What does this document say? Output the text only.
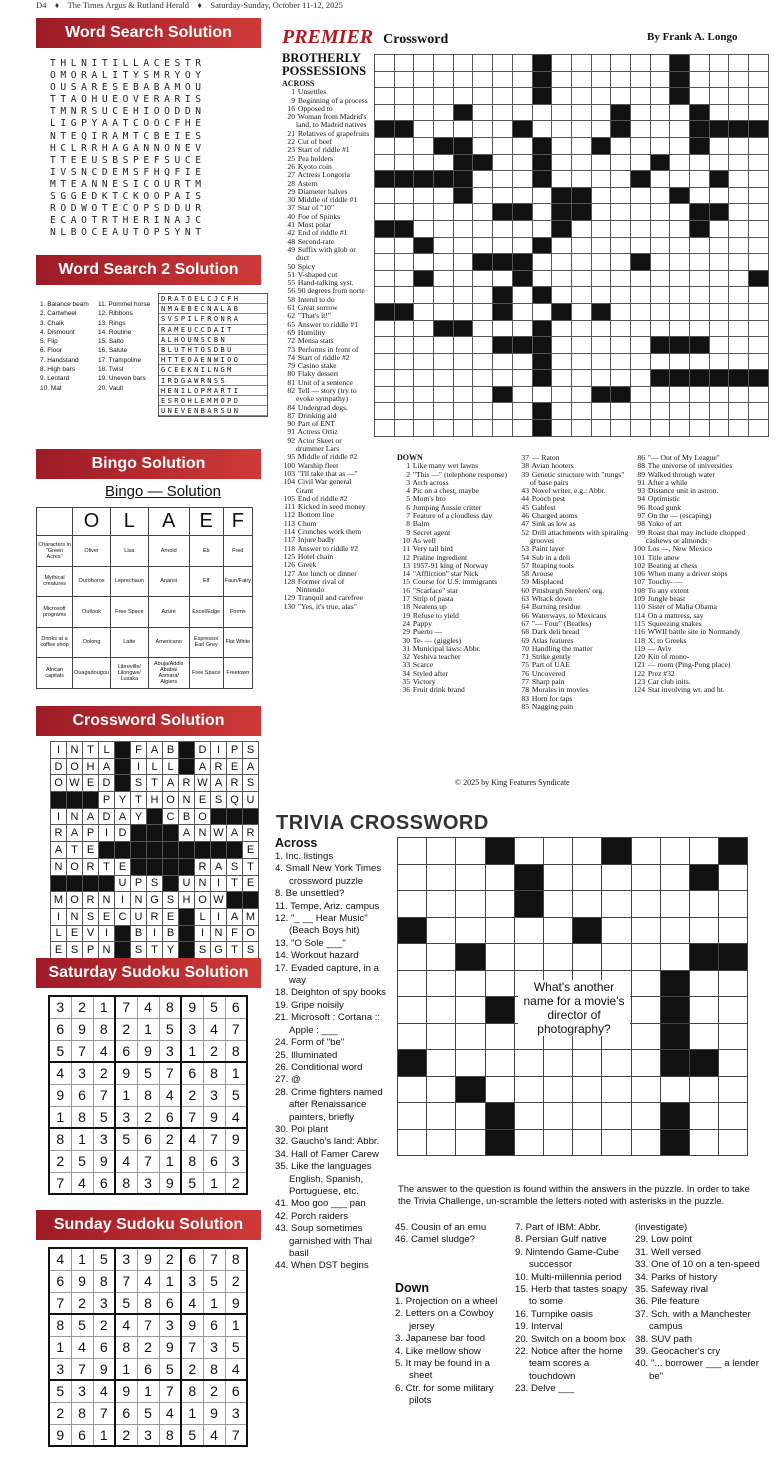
D4 ♦ The Times Argus & Rutland Herald ♦ Saturday-Sunday, October 11-12, 2025
Word Search Solution
THLNITILLACESTR
OMORALITYSMRYOY
OUSARESEBABAMOU
TTAOHUEOVERARIS
TMNRSUCEHIOODDN
LIGPYAATCOOCFHE
NTEQIRAMTCBEIES
HCLRRHAGANNONEV
TTEEUSBSPEFSUCE
IVSNCDEMSFHQFIE
MTEANNESICOURTM
SGGEDKTCKOOPAIS
RODWOTECOPSDDUR
ECAOTRTHERINAJC
NLBOCEAUTOPSYNT
Word Search 2 Solution
1. Balance beam
2. Cartwheel
3. Chalk
4. Dismount
5. Flip
6. Floor
7. Handstand
8. High bars
9. Leotard
10. Mat
11. Pommel horse
12. Ribbons
13. Rings
14. Routine
15. Salto
16. Salute
17. Trampoline
18. Twist
19. Uneven bars
20. Vault
DRATOELCJCFH
NMAEBECNALAB
SVSPILFRONRA
RAMEUCCDAIT
ALHOUNSCBN
BLUTHTOSDBU
HTTEOAENWIOO
GCEEKNILNGM
IRDGAWRNSS
HENILOPMARTI
ESROHLEMMOPD
UNEVENBARSUN
Bingo Solution
Bingo — Solution
	O	L	A	E	F
Characters in "Green Acres"	Oliver	Lisa	Arnold	Eb	Fred
Mythical creatures	Ouroboros	Leprechaun	Anansi	Elf	Faun/Fairy
Microsoft programs	Outlook	Free Space	Azure	Excel/Edge	Forms
Drinks at a coffee shop	Oolong	Latte	Americano	Espresso/ Earl Grey	Flat White
African capitals	Ouagadougou	Libreville/ Lilongwe/ Lusaka	Abuja/Addis Ababa/ Asmara/ Algiers	Free Space	Freetown
Crossword Solution
I	N	T	L		F	A	B		D	I	P	S
D	O	H	A		I	L	L		A	R	E	A
O	W	E	D		S	T	A	R	W	A	R	S
			P	Y	T	H	O	N	E	S	Q	U
I	N	A	D	A	Y		C	B	O			
R	A	P	I	D				A	N	W	A	R
A	T	E										E
N	O	R	T	E					R	A	S	T
				U	P	S		U	N	I	T	E
M	O	R	N	I	N	G	S	H	O	W		
I	N	S	E	C	U	R	E		L	I	A	M
L	E	V	I		B	I	B		I	N	F	O
E	S	P	N		S	T	Y		S	G	T	S
Saturday Sudoku Solution
3	2	1	7	4	8	9	5	6
6	9	8	2	1	5	3	4	7
5	7	4	6	9	3	1	2	8
4	3	2	9	5	7	6	8	1
9	6	7	1	8	4	2	3	5
1	8	5	3	2	6	7	9	4
8	1	3	5	6	2	4	7	9
2	5	9	4	7	1	8	6	3
7	4	6	8	3	9	5	1	2
Sunday Sudoku Solution
4	1	5	3	9	2	6	7	8
6	9	8	7	4	1	3	5	2
7	2	3	5	8	6	4	1	9
8	5	2	4	7	3	9	6	1
1	4	6	8	2	9	7	3	5
3	7	9	1	6	5	2	8	4
5	3	4	9	1	7	8	2	6
2	8	7	6	5	4	1	9	3
9	6	1	2	3	8	5	4	7
PREMIER Crossword	By Frank A. Longo
BROTHERLY POSSESSIONS

ACROSS
1 Unsettles
9 Beginning of a process
16 Opposed to
20 Woman from Madrid's land, to Madrid natives
21 Relatives of grapefruits
22 Cut of beef
23 Start of riddle #1
25 Pea holders
26 Kyoto coin
27 Actress Longoria
28 Astern
29 Diameter halves
30 Middle of riddle #1
37 Star of "10"
40 Foe of Spinks
41 Most polar
42 End of riddle #1
48 Second-rate
49 Suffix with glob or duct
50 Spicy
51 V-shaped cut
55 Hand-talking syst.
56 90 degrees from norte
58 Intend to do
61 Great sorrow
62 "That's it!"
65 Answer to riddle #1
69 Humility
72 Mensa stats
73 Performs in front of
74 Start of riddle #2
79 Casino stake
80 Flaky dessert
81 Unit of a sentence
82 Tell — story (try to evoke sympathy)
84 Undergrad degs.
87 Drinking aid
90 Part of ENT
91 Actress Ortiz
92 Actor Skeet or drummer Lars
95 Middle of riddle #2
100 Warship fleet
103 "I'll take that as —"
104 Civil War general Grant
105 End of riddle #2
111 Kicked in seed money
112 Bottom line
113 Chum
114 Crunches work them
117 Injure badly
118 Answer to riddle #2
125 Hotel chain
126 Greek
127 Ate lunch or dinner
128 Former rival of Nintendo
129 Tranquil and carefree
130 "Yes, it's true, alas"
DOWN
1 Like many wet lawns
2 "This —" (telephone response)
3 Arch across
4 Pic on a chest, maybe
5 Mom's bro
6 Jumping Aussie critter
7 Feature of a cloudless day
8 Balm
9 Secret agent
10 As well
11 Very tall bird
12 Praline ingredient
13 1957-91 king of Norway
14 "Affliction" star Nick
15 Course for U.S. immigrants
16 "Scarface" star
17 Strip of pasta
18 Neatens up
19 Refuse to yield
24 Pappy
29 Puerto —
30 Te- — (giggles)
31 Municipal laws: Abbr.
32 Yeshiva teacher
33 Scarce
34 Styled after
35 Victory
36 Fruit drink brand
37 — Raton
38 Avian hooters
39 Genetic structure with "rungs" of base pairs
43 Novel writer, e.g.: Abbr.
44 Pooch pest
45 Gabfest
46 Charged atoms
47 Sink as low as
52 Drill attachments with spiraling grooves
53 Paint layer
54 Sub in a deli
57 Reaping tools
58 Arouse
59 Misplaced
60 Pittsburgh Steelers' org.
63 Whack down
64 Burning residue
66 Waterways, to Mexicans
67 "— Four" (Beatles)
68 Dark deli bread
69 Atlas features
70 Handling the matter
71 Strike gently
75 Part of UAE
76 Uncovered
77 Sharp pain
78 Morales in movies
83 Horn for taps
85 Nagging pain
86 "— Out of My League"
88 The universe of universities
89 Walked through water
91 After a while
93 Distance unit in astron.
94 Optimistic
96 Road gunk
97 On the — (escaping)
98 Yoko of art
99 Roast that may include chopped cashews or almonds
100 Los —, New Mexico
101 Title anew
102 Beating at chess
106 When many a driver stops
107 Touchy- —
108 To any extent
109 Jungle beast
110 Sister of Malia Obama
114 On a mattress, say
115 Squeezing snakes
116 WWII battle site in Normandy
118 X, to Greeks
119 — Aviv
120 Kin of mono-
121 — room (Ping-Pong place)
122 Prez #32
123 Car club inits.
124 Stat involving wt. and ht.
© 2025 by King Features Syndicate
TRIVIA CROSSWORD

What's another name for a movie's director of photography?
The answer to the question is found within the answers in the puzzle. In order to take the Trivia Challenge, un-scramble the letters noted with asterisks in the puzzle.
Across
1. Inc. listings
4. Small New York Times crossword puzzle
8. Be unsettled?
11. Tempe, Ariz. campus
12. "_ __ Hear Music" (Beach Boys hit)
13. "O Sole ___"
14. Workout hazard
17. Evaded capture, in a way
18. Deighton of spy books
19. Gripe noisily
21. Microsoft : Cortana :: Apple : ___
24. Form of "be"
25. Illuminated
26. Conditional word
27. @
28. Crime fighters named after Renaissance painters, briefly
30. Poi plant
32. Gaucho's land: Abbr.
34. Hall of Famer Carew
35. Like the languages English, Spanish, Portuguese, etc.
41. Moo goo ___ pan
42. Porch raiders
43. Soup sometimes garnished with Thai basil
44. When DST begins
45. Cousin of an emu
46. Camel sludge?
Down
1. Projection on a wheel
2. Letters on a Cowboy jersey
3. Japanese bar food
4. Like mellow show
5. It may be found in a sheet
6. Ctr. for some military pilots
7. Part of IBM: Abbr.
8. Persian Gulf native
9. Nintendo Game-Cube successor
10. Multi-millennia period
15. Herb that tastes soapy to some
16. Turnpike oasis
19. Interval
20. Switch on a boom box
22. Notice after the home team scores a touchdown
23. Delve ___
(investigate)
29. Low point
31. Well versed
33. One of 10 on a ten-speed
34. Parks of history
35. Safeway rival
36. Pile feature
37. Sch. with a Manchester campus
38. SUV path
39. Geocacher's cry
40. "... borrower ___ a lender be"
